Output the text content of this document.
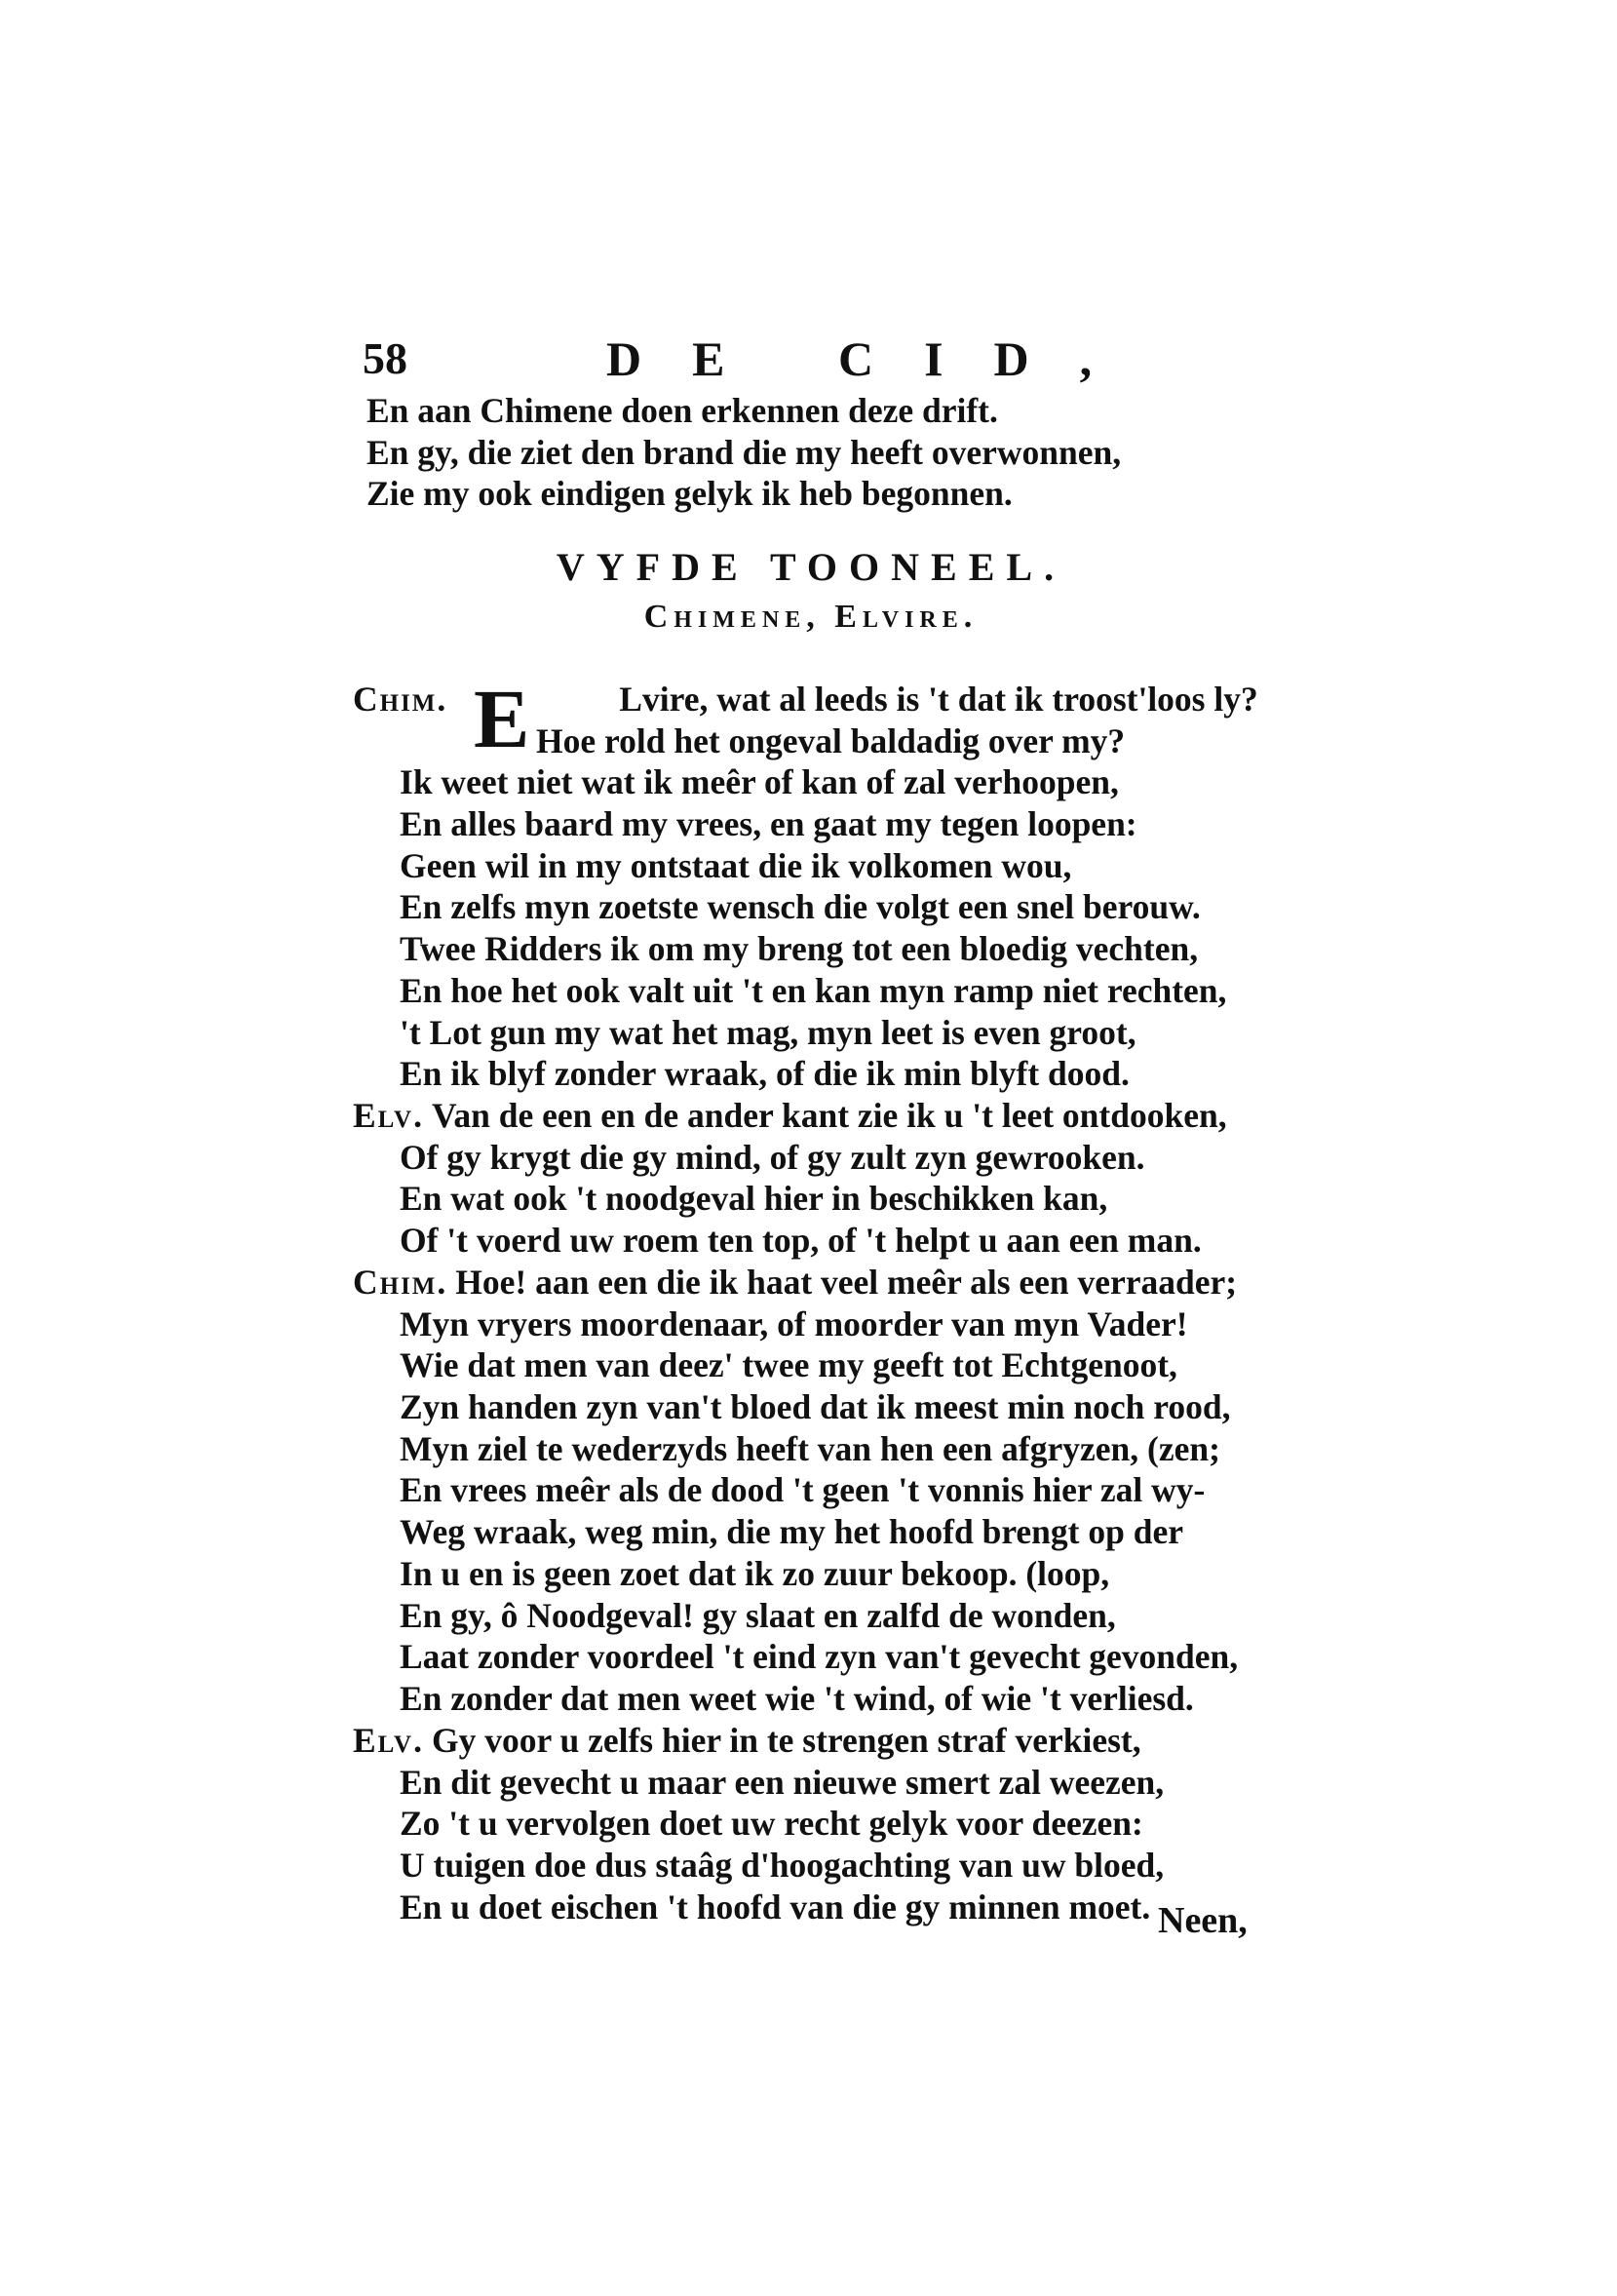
58	DE CID,
En aan Chimene doen erkennen deze drift.
En gy, die ziet den brand die my heeft overwonnen,
Zie my ook eindigen gelyk ik heb begonnen.
VYFDE TOONEEL.
Chimene, Elvire.
E
Chim.	Lvire, wat al leeds is 't dat ik troost'loos ly?
Hoe rold het ongeval baldadig over my?
Ik weet niet wat ik meêr of kan of zal verhoopen,
En alles baard my vrees, en gaat my tegen loopen:
Geen wil in my ontstaat die ik volkomen wou,
En zelfs myn zoetste wensch die volgt een snel berouw.
Twee Ridders ik om my breng tot een bloedig vechten,
En hoe het ook valt uit 't en kan myn ramp niet rechten,
't Lot gun my wat het mag, myn leet is even groot,
En ik blyf zonder wraak, of die ik min blyft dood.
Elv. Van de een en de ander kant zie ik u 't leet ontdooken,
Of gy krygt die gy mind, of gy zult zyn gewrooken.
En wat ook 't noodgeval hier in beschikken kan,
Of 't voerd uw roem ten top, of 't helpt u aan een man.
Chim. Hoe! aan een die ik haat veel meêr als een verraader;
Myn vryers moordenaar, of moorder van myn Vader!
Wie dat men van deez' twee my geeft tot Echtgenoot,
Zyn handen zyn van't bloed dat ik meest min noch rood,
Myn ziel te wederzyds heeft van hen een afgryzen, (zen;
En vrees meêr als de dood 't geen 't vonnis hier zal wy-
Weg wraak, weg min, die my het hoofd brengt op der
In u en is geen zoet dat ik zo zuur bekoop. (loop,
En gy, ô Noodgeval! gy slaat en zalfd de wonden,
Laat zonder voordeel 't eind zyn van't gevecht gevonden,
En zonder dat men weet wie 't wind, of wie 't verliesd.
Elv. Gy voor u zelfs hier in te strengen straf verkiest,
En dit gevecht u maar een nieuwe smert zal weezen,
Zo 't u vervolgen doet uw recht gelyk voor deezen:
U tuigen doe dus staâg d'hoogachting van uw bloed,
En u doet eischen 't hoofd van die gy minnen moet. Neen,
